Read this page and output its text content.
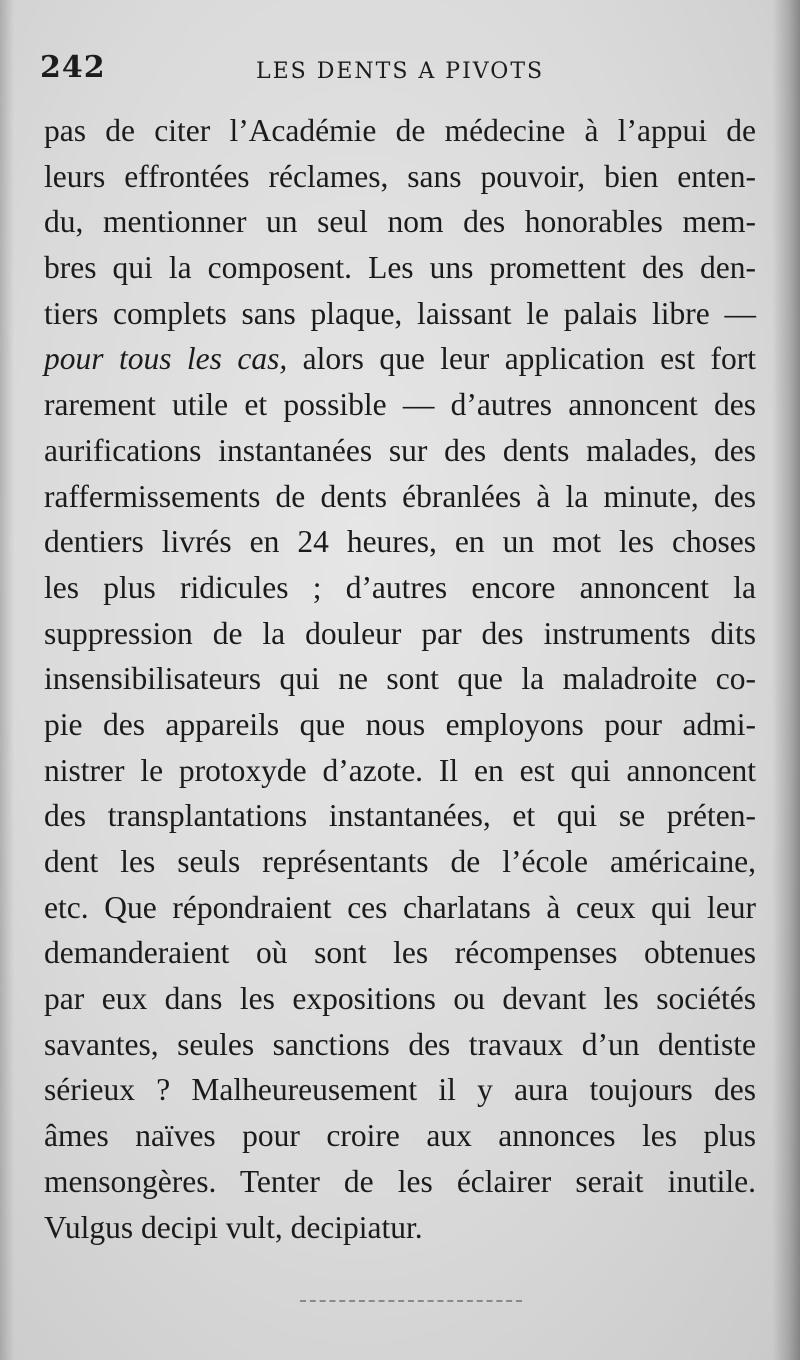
242	LES DENTS A PIVOTS
pas de citer l’Académie de médecine à l’appui de
leurs effrontées réclames, sans pouvoir, bien enten-
du, mentionner un seul nom des honorables mem-
bres qui la composent. Les uns promettent des den-
tiers complets sans plaque, laissant le palais libre —
pour tous les cas, alors que leur application est fort
rarement utile et possible — d’autres annoncent des
aurifications instantanées sur des dents malades, des
raffermissements de dents ébranlées à la minute, des
dentiers livrés en 24 heures, en un mot les choses
les plus ridicules ; d’autres encore annoncent la
suppression de la douleur par des instruments dits
insensibilisateurs qui ne sont que la maladroite co-
pie des appareils que nous employons pour admi-
nistrer le protoxyde d’azote. Il en est qui annoncent
des transplantations instantanées, et qui se préten-
dent les seuls représentants de l’école américaine,
etc. Que répondraient ces charlatans à ceux qui leur
demanderaient où sont les récompenses obtenues
par eux dans les expositions ou devant les sociétés
savantes, seules sanctions des travaux d’un dentiste
sérieux ? Malheureusement il y aura toujours des
âmes naïves pour croire aux annonces les plus
mensongères. Tenter de les éclairer serait inutile.
Vulgus decipi vult, decipiatur.
